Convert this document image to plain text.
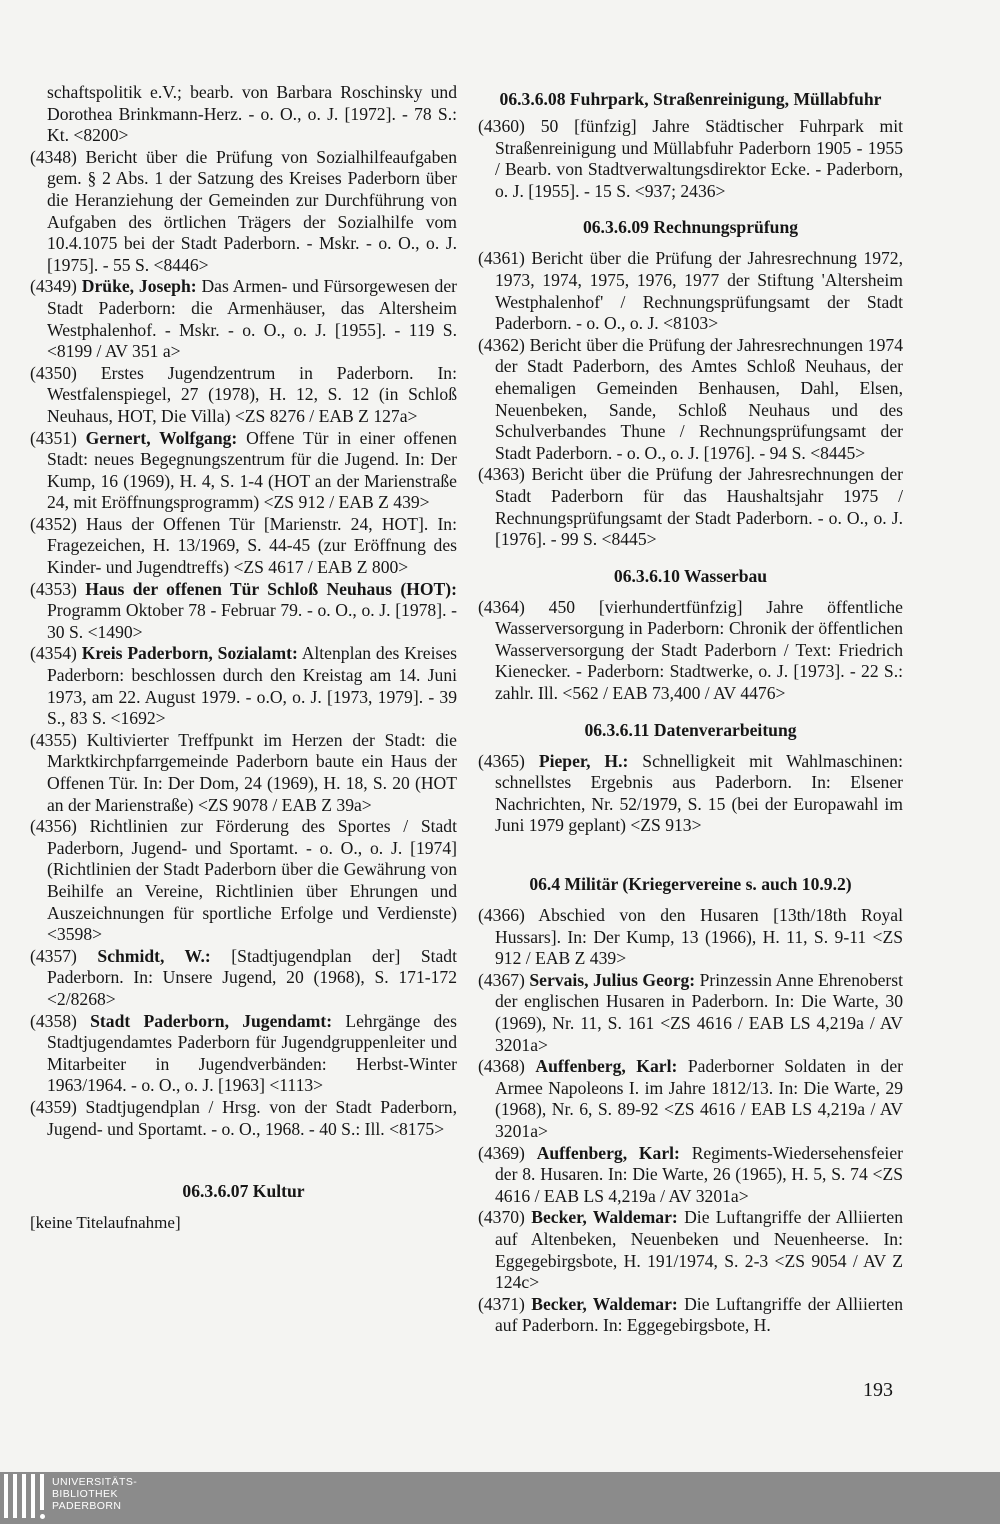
schaftspolitik e.V.; bearb. von Barbara Roschinsky und Dorothea Brinkmann-Herz. - o. O., o. J. [1972]. - 78 S.: Kt. <8200>

(4348) Bericht über die Prüfung von Sozialhilfeaufgaben gem. § 2 Abs. 1 der Satzung des Kreises Paderborn über die Heranziehung der Gemeinden zur Durchführung von Aufgaben des örtlichen Trägers der Sozialhilfe vom 10.4.1075 bei der Stadt Paderborn. - Mskr. - o. O., o. J. [1975]. - 55 S. <8446>

(4349) Drüke, Joseph: Das Armen- und Fürsorgewesen der Stadt Paderborn: die Armenhäuser, das Altersheim Westphalenhof. - Mskr. - o. O., o. J. [1955]. - 119 S. <8199 / AV 351 a>

(4350) Erstes Jugendzentrum in Paderborn. In: Westfalenspiegel, 27 (1978), H. 12, S. 12 (in Schloß Neuhaus, HOT, Die Villa) <ZS 8276 / EAB Z 127a>

(4351) Gernert, Wolfgang: Offene Tür in einer offenen Stadt: neues Begegnungszentrum für die Jugend. In: Der Kump, 16 (1969), H. 4, S. 1-4 (HOT an der Marienstraße 24, mit Eröffnungsprogramm) <ZS 912 / EAB Z 439>

(4352) Haus der Offenen Tür [Marienstr. 24, HOT]. In: Fragezeichen, H. 13/1969, S. 44-45 (zur Eröffnung des Kinder- und Jugendtreffs) <ZS 4617 / EAB Z 800>

(4353) Haus der offenen Tür Schloß Neuhaus (HOT): Programm Oktober 78 - Februar 79. - o. O., o. J. [1978]. - 30 S. <1490>

(4354) Kreis Paderborn, Sozialamt: Altenplan des Kreises Paderborn: beschlossen durch den Kreistag am 14. Juni 1973, am 22. August 1979. - o.O, o. J. [1973, 1979]. - 39 S., 83 S. <1692>

(4355) Kultivierter Treffpunkt im Herzen der Stadt: die Marktkirchpfarrgemeinde Paderborn baute ein Haus der Offenen Tür. In: Der Dom, 24 (1969), H. 18, S. 20 (HOT an der Marienstraße) <ZS 9078 / EAB Z 39a>

(4356) Richtlinien zur Förderung des Sportes / Stadt Paderborn, Jugend- und Sportamt. - o. O., o. J. [1974] (Richtlinien der Stadt Paderborn über die Gewährung von Beihilfe an Vereine, Richtlinien über Ehrungen und Auszeichnungen für sportliche Erfolge und Verdienste) <3598>

(4357) Schmidt, W.: [Stadtjugendplan der] Stadt Paderborn. In: Unsere Jugend, 20 (1968), S. 171-172 <2/8268>

(4358) Stadt Paderborn, Jugendamt: Lehrgänge des Stadtjugendamtes Paderborn für Jugendgruppenleiter und Mitarbeiter in Jugendverbänden: Herbst-Winter 1963/1964. - o. O., o. J. [1963] <1113>

(4359) Stadtjugendplan / Hrsg. von der Stadt Paderborn, Jugend- und Sportamt. - o. O., 1968. - 40 S.: Ill. <8175>

06.3.6.07 Kultur

[keine Titelaufnahme]

06.3.6.08 Fuhrpark, Straßenreinigung, Müllabfuhr

(4360) 50 [fünfzig] Jahre Städtischer Fuhrpark mit Straßenreinigung und Müllabfuhr Paderborn 1905 - 1955 / Bearb. von Stadtverwaltungsdirektor Ecke. - Paderborn, o. J. [1955]. - 15 S. <937; 2436>

06.3.6.09 Rechnungsprüfung

(4361) Bericht über die Prüfung der Jahresrechnung 1972, 1973, 1974, 1975, 1976, 1977 der Stiftung 'Altersheim Westphalenhof' / Rechnungsprüfungsamt der Stadt Paderborn. - o. O., o. J. <8103>

(4362) Bericht über die Prüfung der Jahresrechnungen 1974 der Stadt Paderborn, des Amtes Schloß Neuhaus, der ehemaligen Gemeinden Benhausen, Dahl, Elsen, Neuenbeken, Sande, Schloß Neuhaus und des Schulverbandes Thune / Rechnungsprüfungsamt der Stadt Paderborn. - o. O., o. J. [1976]. - 94 S. <8445>

(4363) Bericht über die Prüfung der Jahresrechnungen der Stadt Paderborn für das Haushaltsjahr 1975 / Rechnungsprüfungsamt der Stadt Paderborn. - o. O., o. J. [1976]. - 99 S. <8445>

06.3.6.10 Wasserbau

(4364) 450 [vierhundertfünfzig] Jahre öffentliche Wasserversorgung in Paderborn: Chronik der öffentlichen Wasserversorgung der Stadt Paderborn / Text: Friedrich Kienecker. - Paderborn: Stadtwerke, o. J. [1973]. - 22 S.: zahlr. Ill. <562 / EAB 73,400 / AV 4476>

06.3.6.11 Datenverarbeitung

(4365) Pieper, H.: Schnelligkeit mit Wahlmaschinen: schnellstes Ergebnis aus Paderborn. In: Elsener Nachrichten, Nr. 52/1979, S. 15 (bei der Europawahl im Juni 1979 geplant) <ZS 913>

06.4 Militär (Kriegervereine s. auch 10.9.2)

(4366) Abschied von den Husaren [13th/18th Royal Hussars]. In: Der Kump, 13 (1966), H. 11, S. 9-11 <ZS 912 / EAB Z 439>

(4367) Servais, Julius Georg: Prinzessin Anne Ehrenoberst der englischen Husaren in Paderborn. In: Die Warte, 30 (1969), Nr. 11, S. 161 <ZS 4616 / EAB LS 4,219a / AV 3201a>

(4368) Auffenberg, Karl: Paderborner Soldaten in der Armee Napoleons I. im Jahre 1812/13. In: Die Warte, 29 (1968), Nr. 6, S. 89-92 <ZS 4616 / EAB LS 4,219a / AV 3201a>

(4369) Auffenberg, Karl: Regiments-Wiedersehensfeier der 8. Husaren. In: Die Warte, 26 (1965), H. 5, S. 74 <ZS 4616 / EAB LS 4,219a / AV 3201a>

(4370) Becker, Waldemar: Die Luftangriffe der Alliierten auf Altenbeken, Neuenbeken und Neuenheerse. In: Eggegebirgsbote, H. 191/1974, S. 2-3 <ZS 9054 / AV Z 124c>

(4371) Becker, Waldemar: Die Luftangriffe der Alliierten auf Paderborn. In: Eggegebirgsbote, H.

193
UNIVERSITÄTS-
BIBLIOTHEK
PADERBORN
